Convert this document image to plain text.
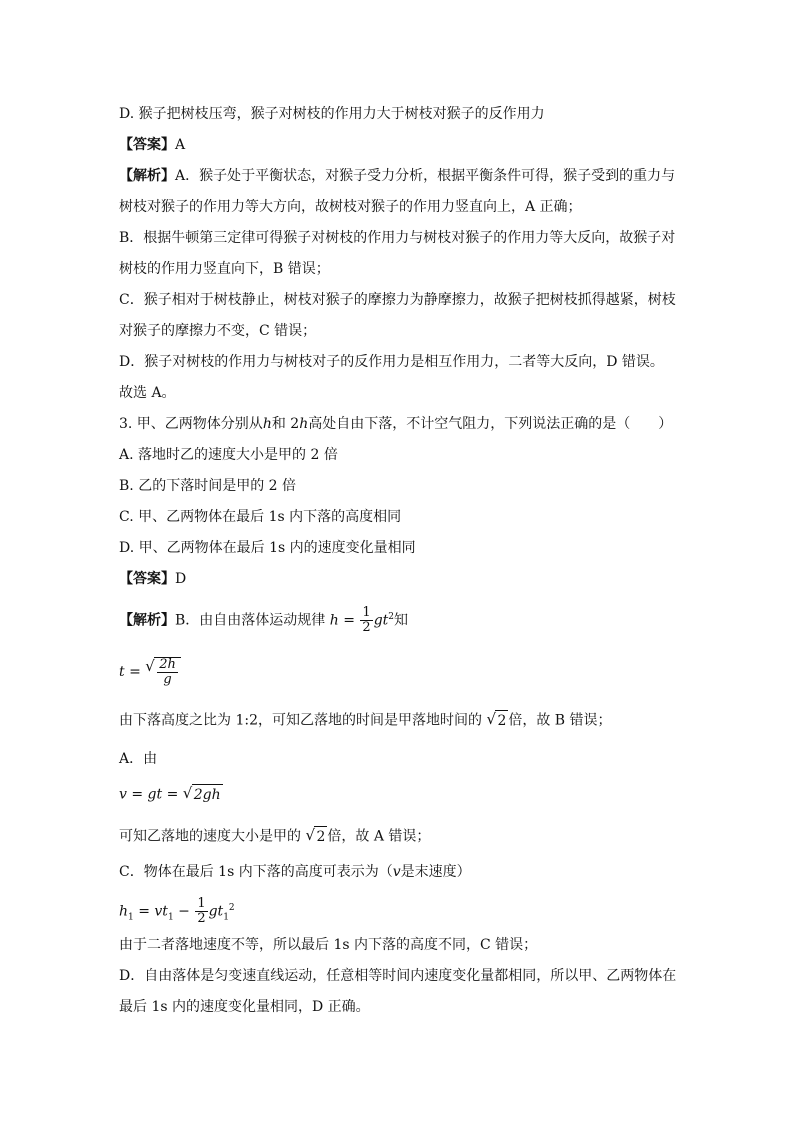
D. 猴子把树枝压弯，猴子对树枝的作用力大于树枝对猴子的反作用力
【答案】A
【解析】A．猴子处于平衡状态，对猴子受力分析，根据平衡条件可得，猴子受到的重力与
树枝对猴子的作用力等大方向，故树枝对猴子的作用力竖直向上，A 正确；
B．根据牛顿第三定律可得猴子对树枝的作用力与树枝对猴子的作用力等大反向，故猴子对
树枝的作用力竖直向下，B 错误；
C．猴子相对于树枝静止，树枝对猴子的摩擦力为静摩擦力，故猴子把树枝抓得越紧，树枝
对猴子的摩擦力不变，C 错误；
D．猴子对树枝的作用力与树枝对子的反作用力是相互作用力，二者等大反向，D 错误。
故选 A。
3. 甲、乙两物体分别从h和 2h高处自由下落，不计空气阻力，下列说法正确的是（　　）
A. 落地时乙的速度大小是甲的 2 倍
B. 乙的下落时间是甲的 2 倍
C. 甲、乙两物体在最后 1s 内下落的高度相同
D. 甲、乙两物体在最后 1s 内的速度变化量相同
【答案】D
【解析】B．由自由落体运动规律 $h = \frac{1}{2} gt^2$知
t = √ $\frac{2h}{g}$
由下落高度之比为 1:2，可知乙落地的时间是甲落地时间的 √ 2 倍，故 B 错误；
A．由
v = gt = √ 2gh
可知乙落地的速度大小是甲的 √ 2 倍，故 A 错误；
C．物体在最后 1s 内下落的高度可表示为（v是末速度）
$h_1 = vt_1 - \frac{1}{2} gt_1^2$
由于二者落地速度不等，所以最后 1s 内下落的高度不同，C 错误；
D．自由落体是匀变速直线运动，任意相等时间内速度变化量都相同，所以甲、乙两物体在
最后 1s 内的速度变化量相同，D 正确。
